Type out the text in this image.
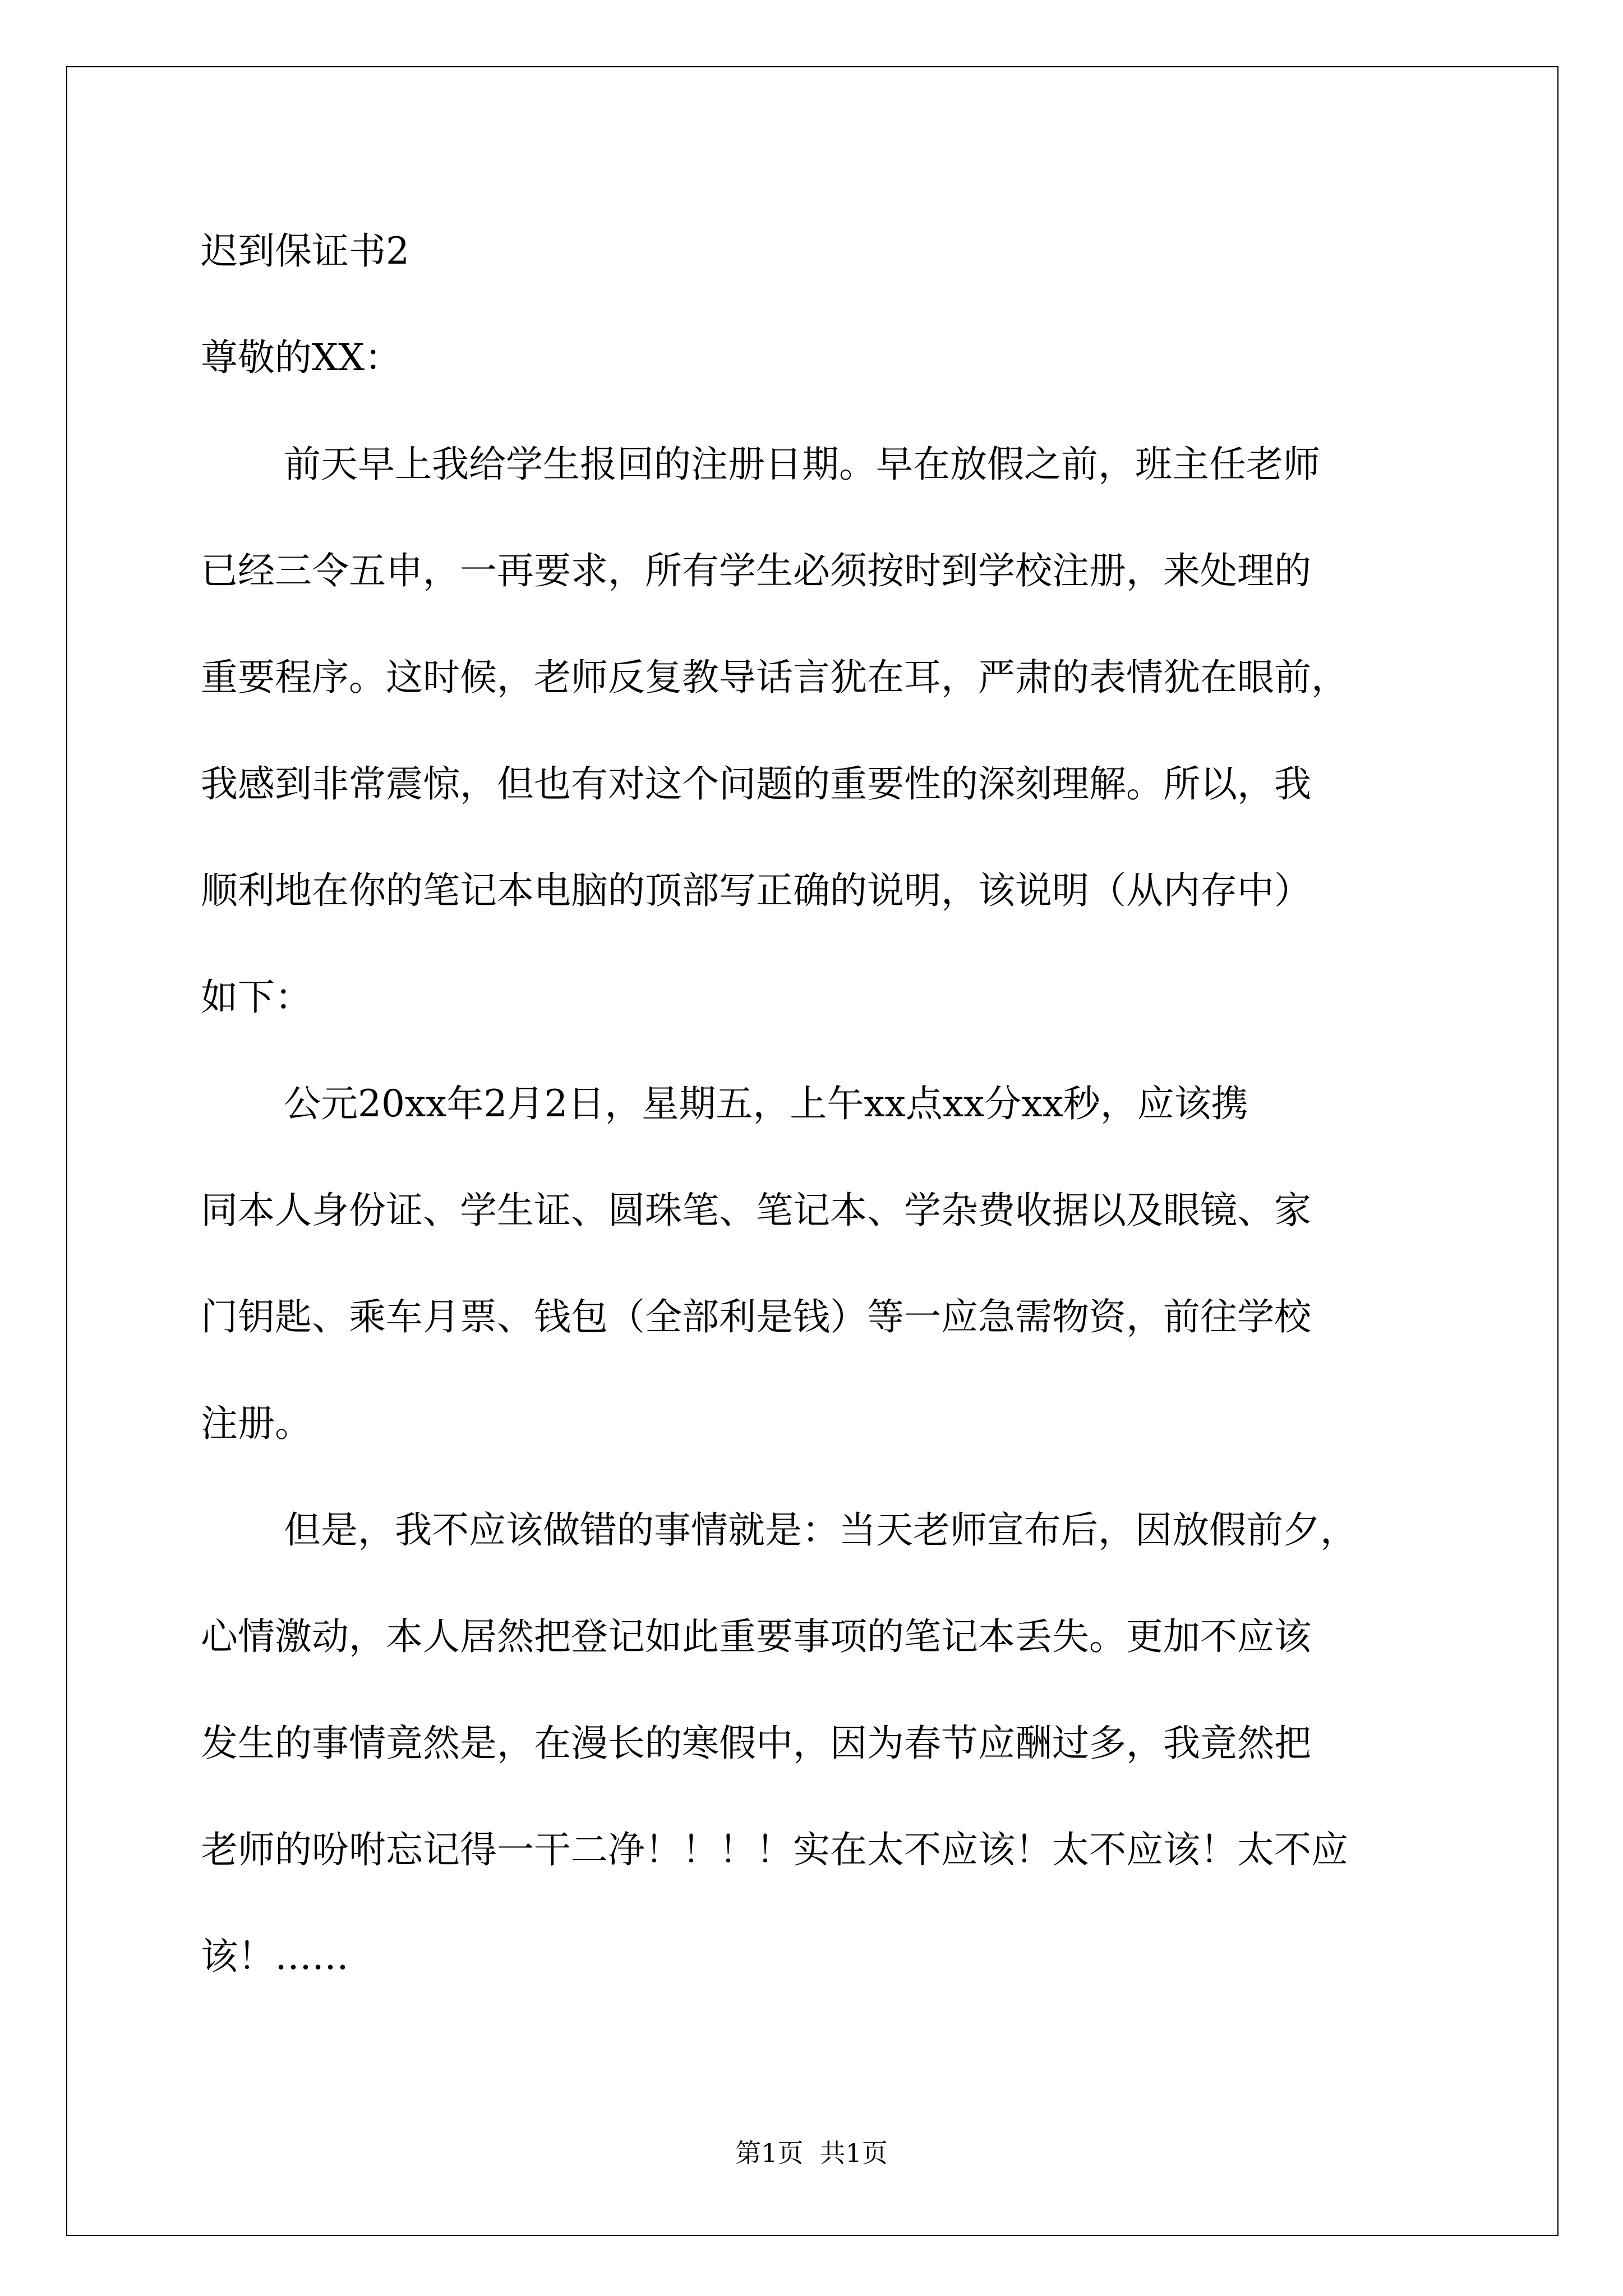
迟到保证书2
尊敬的XX：
前天早上我给学生报回的注册日期。早在放假之前，班主任老师
已经三令五申，一再要求，所有学生必须按时到学校注册，来处理的
重要程序。这时候，老师反复教导话言犹在耳，严肃的表情犹在眼前，
我感到非常震惊，但也有对这个问题的重要性的深刻理解。所以，我
顺利地在你的笔记本电脑的顶部写正确的说明，该说明（从内存中）
如下：
公元20xx年2月2日，星期五，上午xx点xx分xx秒，应该携
同本人身份证、学生证、圆珠笔、笔记本、学杂费收据以及眼镜、家
门钥匙、乘车月票、钱包（全部利是钱）等一应急需物资，前往学校
注册。
但是，我不应该做错的事情就是：当天老师宣布后，因放假前夕，
心情激动，本人居然把登记如此重要事项的笔记本丢失。更加不应该
发生的事情竟然是，在漫长的寒假中，因为春节应酬过多，我竟然把
老师的吩咐忘记得一干二净！！！！实在太不应该！太不应该！太不应
该！……
第1页  共1页
